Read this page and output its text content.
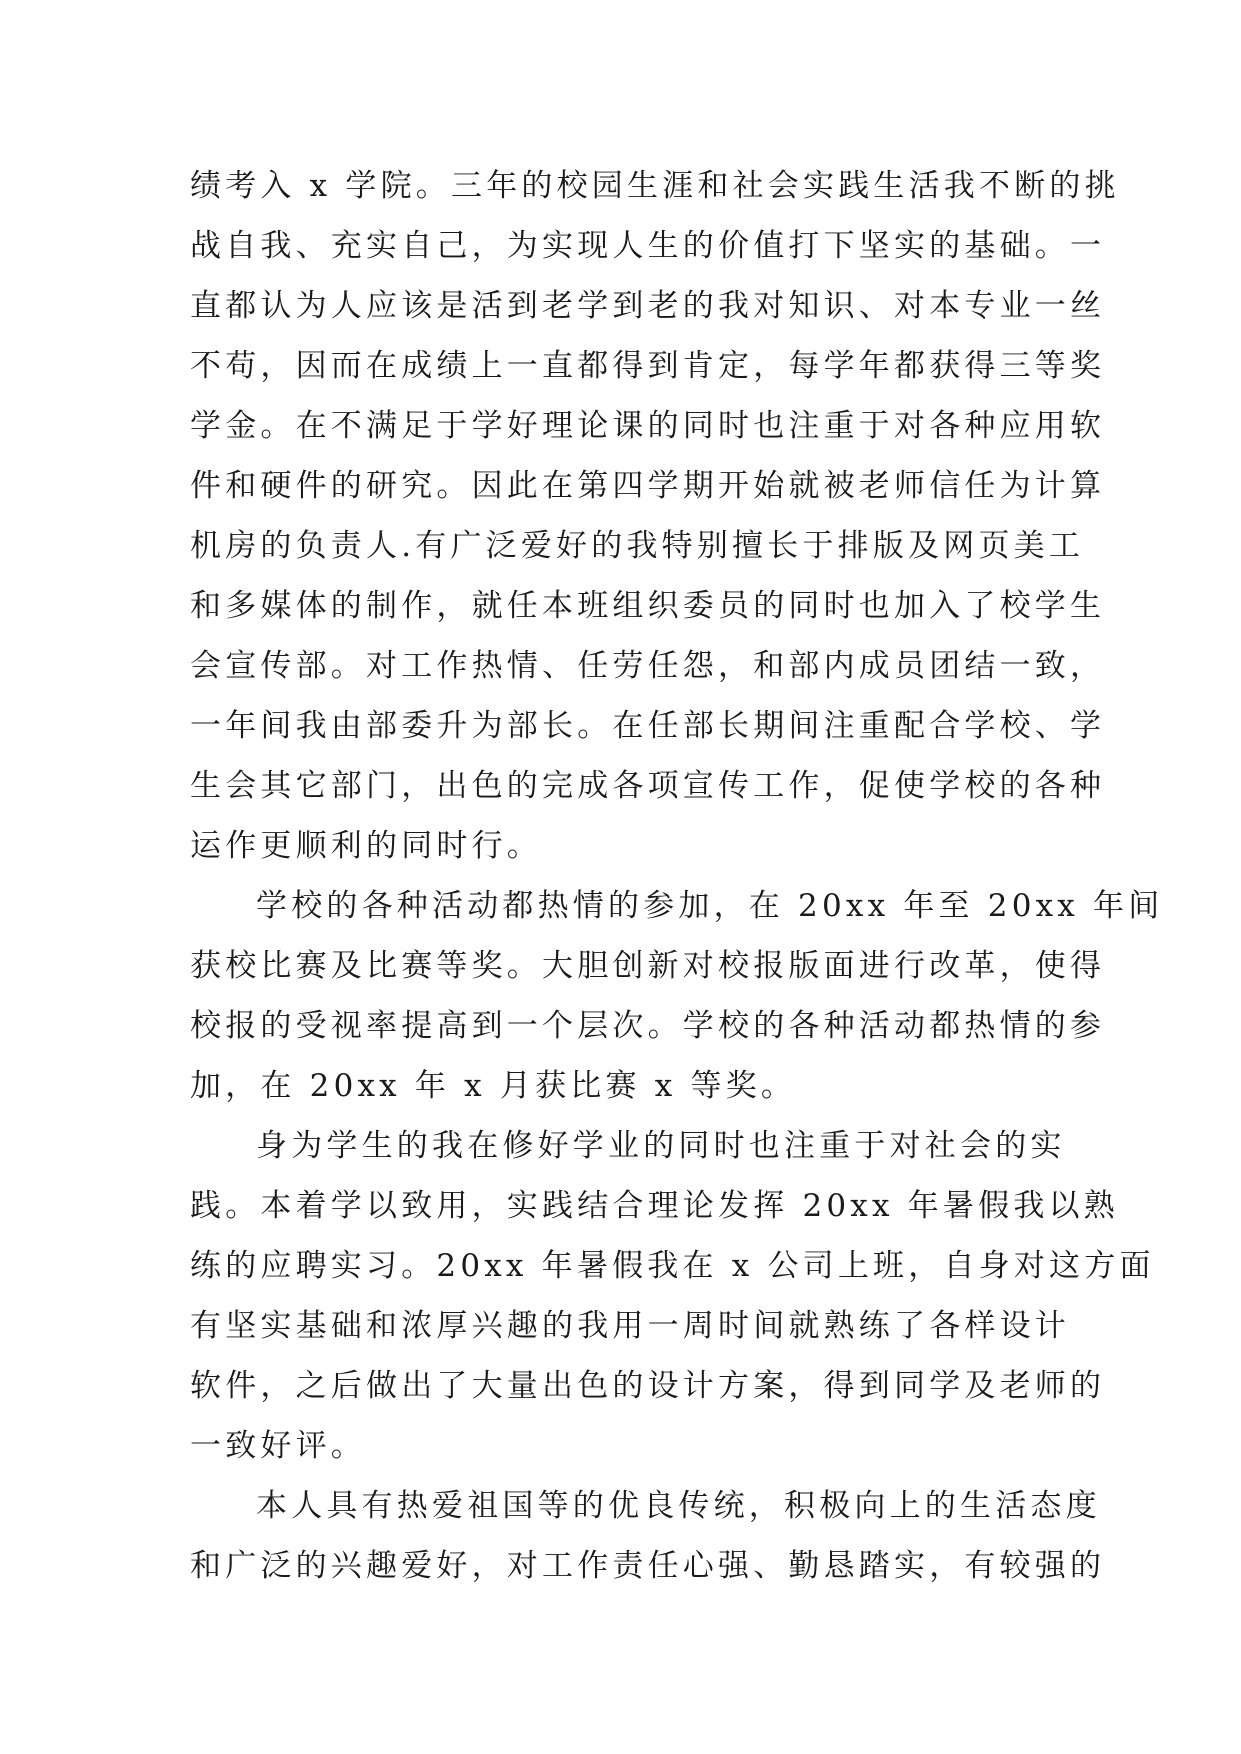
绩考入 x 学院。三年的校园生涯和社会实践生活我不断的挑
战自我、充实自己，为实现人生的价值打下坚实的基础。一
直都认为人应该是活到老学到老的我对知识、对本专业一丝
不苟，因而在成绩上一直都得到肯定，每学年都获得三等奖
学金。在不满足于学好理论课的同时也注重于对各种应用软
件和硬件的研究。因此在第四学期开始就被老师信任为计算
机房的负责人.有广泛爱好的我特别擅长于排版及网页美工
和多媒体的制作，就任本班组织委员的同时也加入了校学生
会宣传部。对工作热情、任劳任怨，和部内成员团结一致，
一年间我由部委升为部长。在任部长期间注重配合学校、学
生会其它部门，出色的完成各项宣传工作，促使学校的各种
运作更顺利的同时行。
学校的各种活动都热情的参加，在 20xx 年至 20xx 年间
获校比赛及比赛等奖。大胆创新对校报版面进行改革，使得
校报的受视率提高到一个层次。学校的各种活动都热情的参
加，在 20xx 年 x 月获比赛 x 等奖。
身为学生的我在修好学业的同时也注重于对社会的实
践。本着学以致用，实践结合理论发挥 20xx 年暑假我以熟
练的应聘实习。20xx 年暑假我在 x 公司上班，自身对这方面
有坚实基础和浓厚兴趣的我用一周时间就熟练了各样设计
软件，之后做出了大量出色的设计方案，得到同学及老师的
一致好评。
本人具有热爱祖国等的优良传统，积极向上的生活态度
和广泛的兴趣爱好，对工作责任心强、勤恳踏实，有较强的
